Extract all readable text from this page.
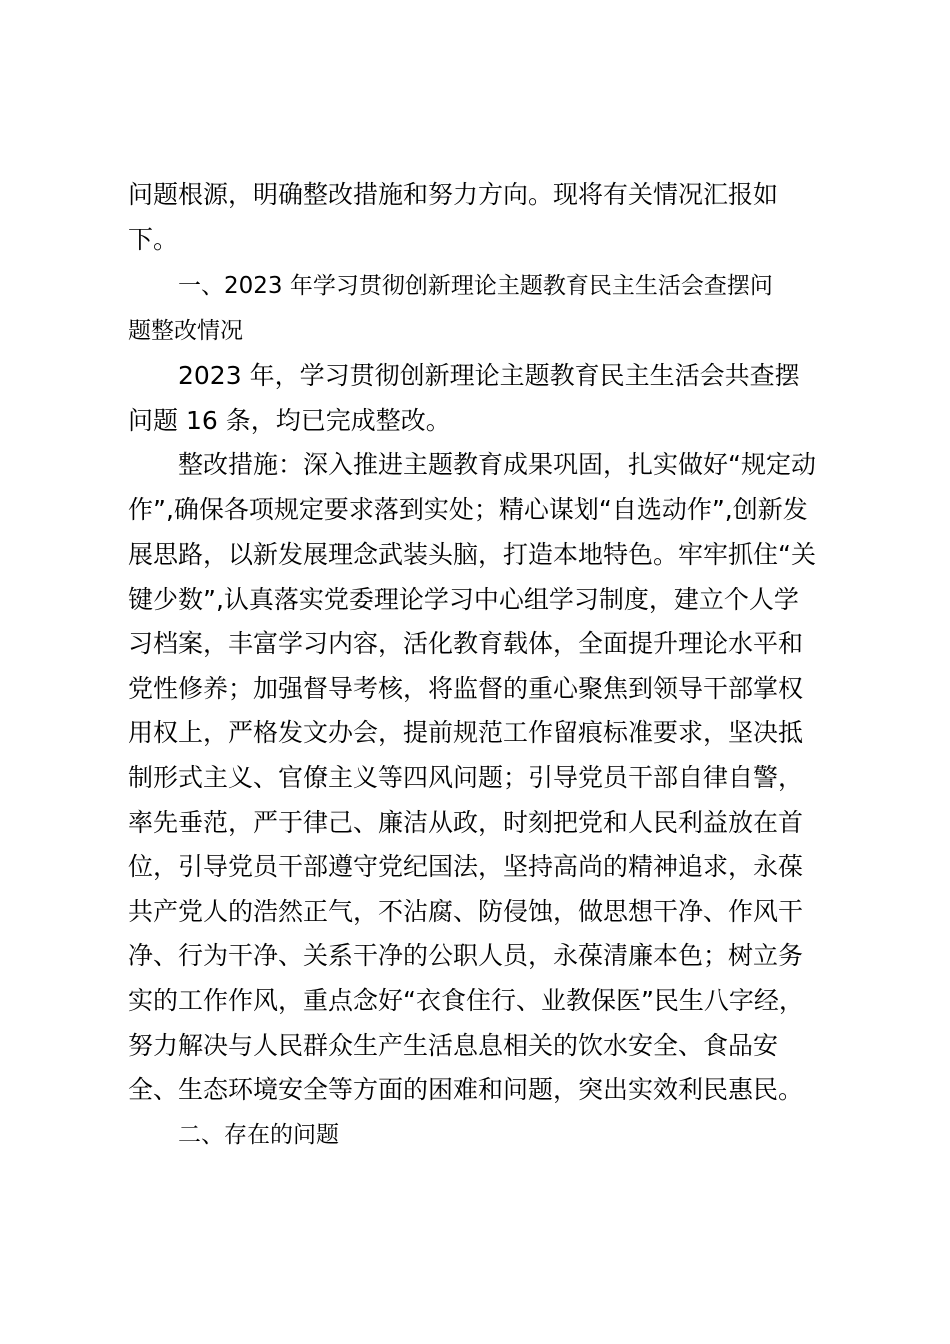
问题根源，明确整改措施和努力方向。现将有关情况汇报如
下。
一、2023 年学习贯彻创新理论主题教育民主生活会查摆问
题整改情况
2023 年，学习贯彻创新理论主题教育民主生活会共查摆
问题 16 条，均已完成整改。
整改措施：深入推进主题教育成果巩固，扎实做好“规定动
作”,确保各项规定要求落到实处；精心谋划“自选动作”,创新发
展思路，以新发展理念武装头脑，打造本地特色。牢牢抓住“关
键少数”,认真落实党委理论学习中心组学习制度，建立个人学
习档案，丰富学习内容，活化教育载体，全面提升理论水平和
党性修养；加强督导考核，将监督的重心聚焦到领导干部掌权
用权上，严格发文办会，提前规范工作留痕标准要求，坚决抵
制形式主义、官僚主义等四风问题；引导党员干部自律自警，
率先垂范，严于律己、廉洁从政，时刻把党和人民利益放在首
位，引导党员干部遵守党纪国法，坚持高尚的精神追求，永葆
共产党人的浩然正气，不沾腐、防侵蚀，做思想干净、作风干
净、行为干净、关系干净的公职人员，永葆清廉本色；树立务
实的工作作风，重点念好“衣食住行、业教保医”民生八字经，
努力解决与人民群众生产生活息息相关的饮水安全、食品安
全、生态环境安全等方面的困难和问题，突出实效利民惠民。
二、存在的问题
